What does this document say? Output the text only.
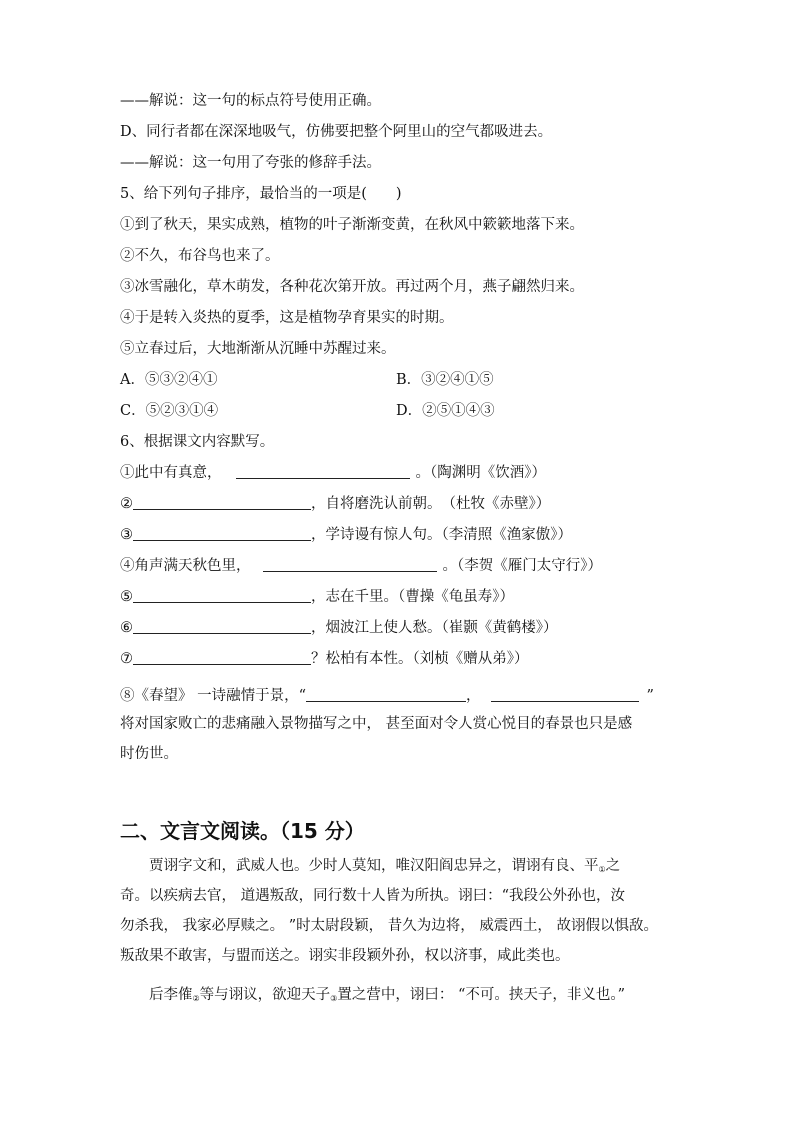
——解说：这一句的标点符号使用正确。
D、同行者都在深深地吸气，仿佛要把整个阿里山的空气都吸进去。
——解说：这一句用了夸张的修辞手法。
5、给下列句子排序，最恰当的一项是(　　)
①到了秋天，果实成熟，植物的叶子渐渐变黄，在秋风中簌簌地落下来。
②不久，布谷鸟也来了。
③冰雪融化，草木萌发，各种花次第开放。再过两个月，燕子翩然归来。
④于是转入炎热的夏季，这是植物孕育果实的时期。
⑤立春过后，大地渐渐从沉睡中苏醒过来。
A．⑤③②④①	B．③②④①⑤
C．⑤②③①④	D．②⑤①④③
6、根据课文内容默写。
①此中有真意，	。（陶渊明《饮酒》）
②	，自将磨洗认前朝。　（杜牧《赤壁》）
③	，学诗谩有惊人句。（李清照《渔家傲》）
④角声满天秋色里，	。（李贺《雁门太守行》）
⑤	，志在千里。（曹操《龟虽寿》）
⑥	，烟波江上使人愁。（崔颢《黄鹤楼》）
⑦	？松柏有本性。（刘桢《赠从弟》）
⑧《春望》 一诗融情于景，“	，	”
将对国家败亡的悲痛融入景物描写之中， 甚至面对令人赏心悦目的春景也只是感
时伤世。
二、文言文阅读。（15 分）
贾诩字文和，武威人也。少时人莫知，唯汉阳阎忠异之，谓诩有良、平$_①$之
奇。以疾病去官， 道遇叛敌，同行数十人皆为所执。诩曰：“我段公外孙也，汝
勿杀我， 我家必厚赎之。 ”时太尉段颖， 昔久为边将， 威震西土， 故诩假以惧敌。
叛敌果不敢害，与盟而送之。诩实非段颖外孙，权以济事，咸此类也。
后李傕$_②$等与诩议，欲迎天子$_③$置之营中，诩曰： “不可。挟天子，非义也。”
